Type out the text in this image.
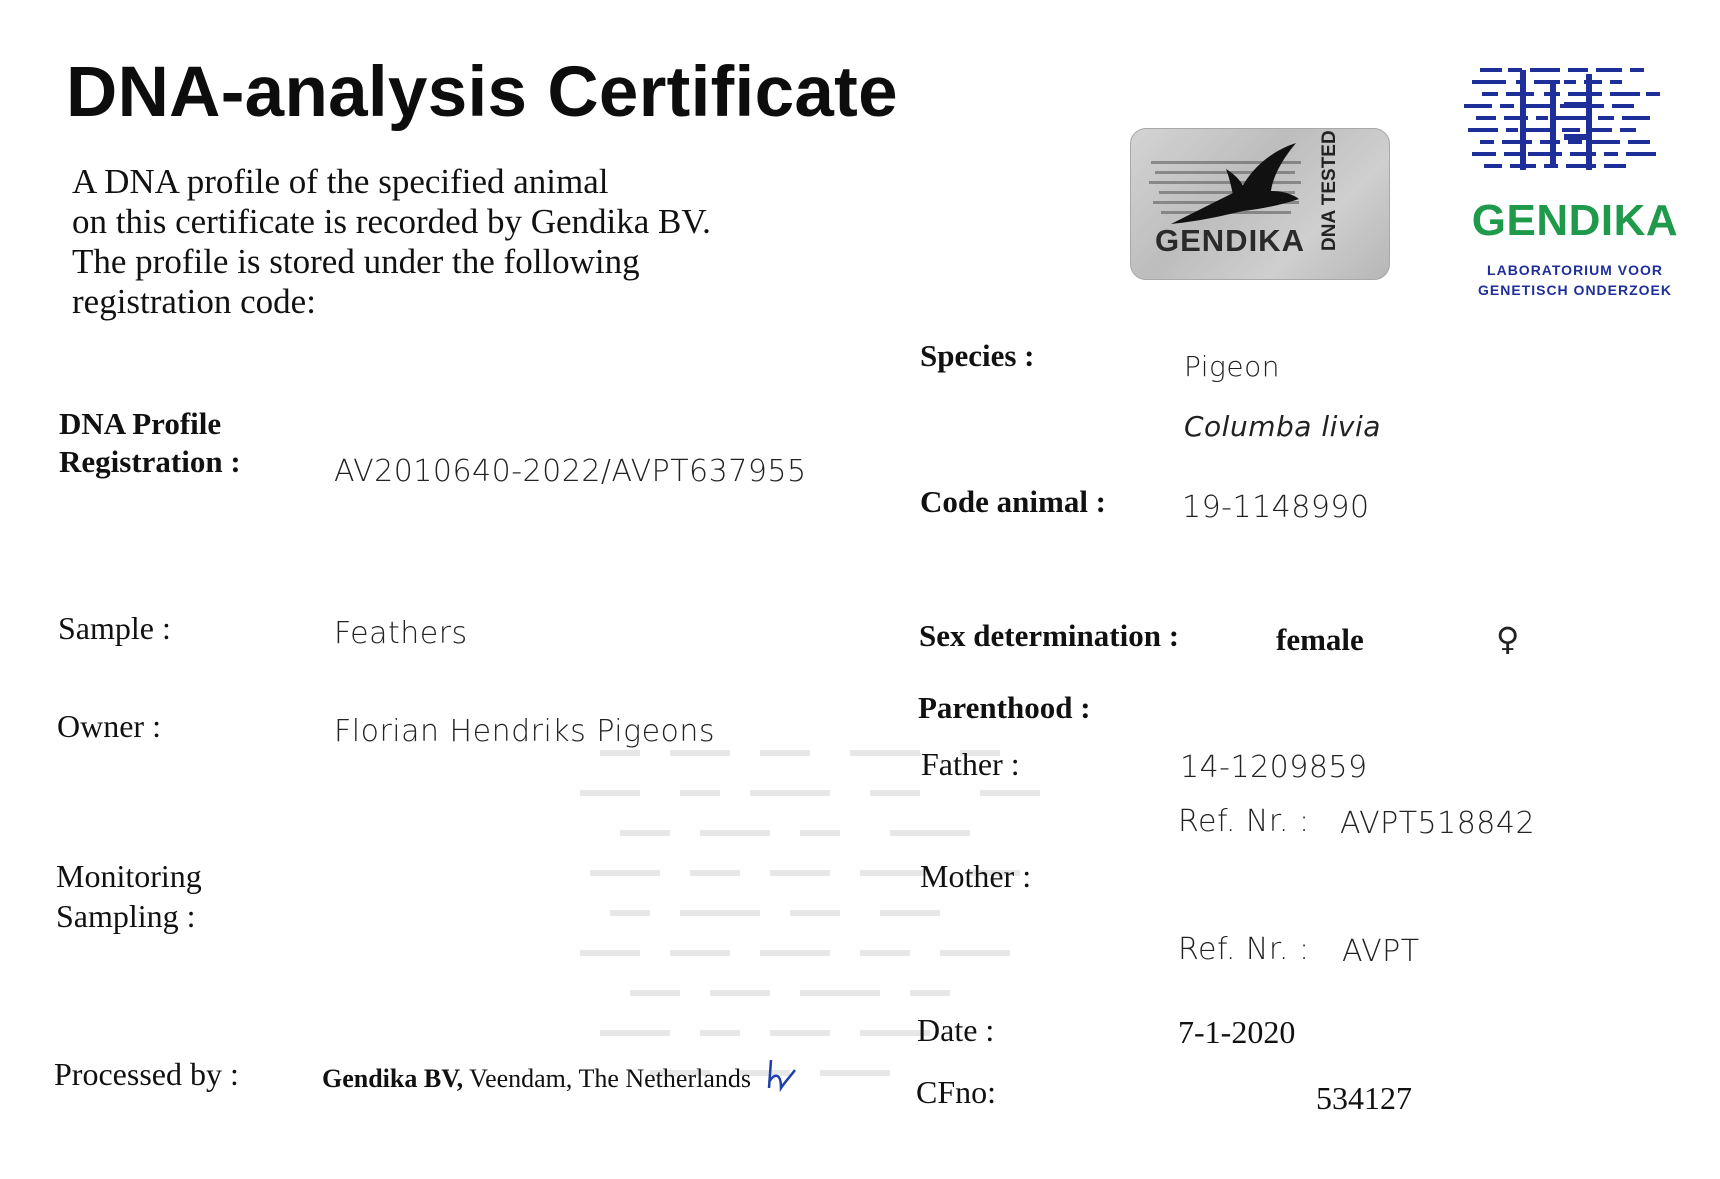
DNA-analysis Certificate
A DNA profile of the specified animal
on this certificate is recorded by Gendika BV.
The profile is stored under the following
registration code:
GENDIKA DNA TESTED	GENDIKA
LABORATORIUM VOOR
GENETISCH ONDERZOEK
DNA Profile
Registration :	AV2010640-2022/AVPT637955
Sample :	Feathers
Owner :	Florian Hendriks Pigeons
Monitoring
Sampling :
Processed by :	Gendika BV, Veendam, The Netherlands
Species :	Pigeon
Columba livia
Code animal :	19-1148990
Sex determination :	female	♀
Parenthood :
Father :	14-1209859
Ref. Nr. : AVPT518842
Mother :
Ref. Nr. : AVPT
Date :	7-1-2020
CFno:	534127
